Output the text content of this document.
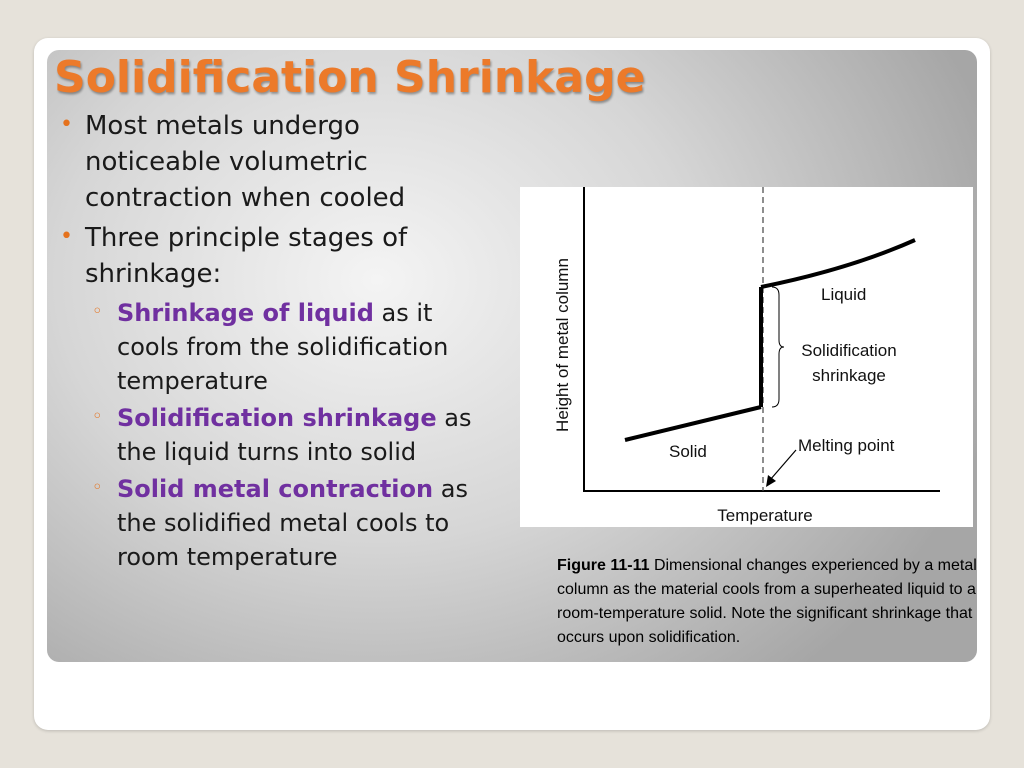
Solidification Shrinkage

• Most metals undergo noticeable volumetric contraction when cooled

• Three principle stages of shrinkage:

◦ Shrinkage of liquid as it cools from the solidification temperature

◦ Solidification shrinkage as the liquid turns into solid

◦ Solid metal contraction as the solidified metal cools to room temperature

Liquid
Solidification
shrinkage
Solid	Melting point
Temperature
Height of metal column
Figure 11-11 Dimensional changes experienced by a metal column as the material cools from a superheated liquid to a room-temperature solid. Note the significant shrinkage that occurs upon solidification.
